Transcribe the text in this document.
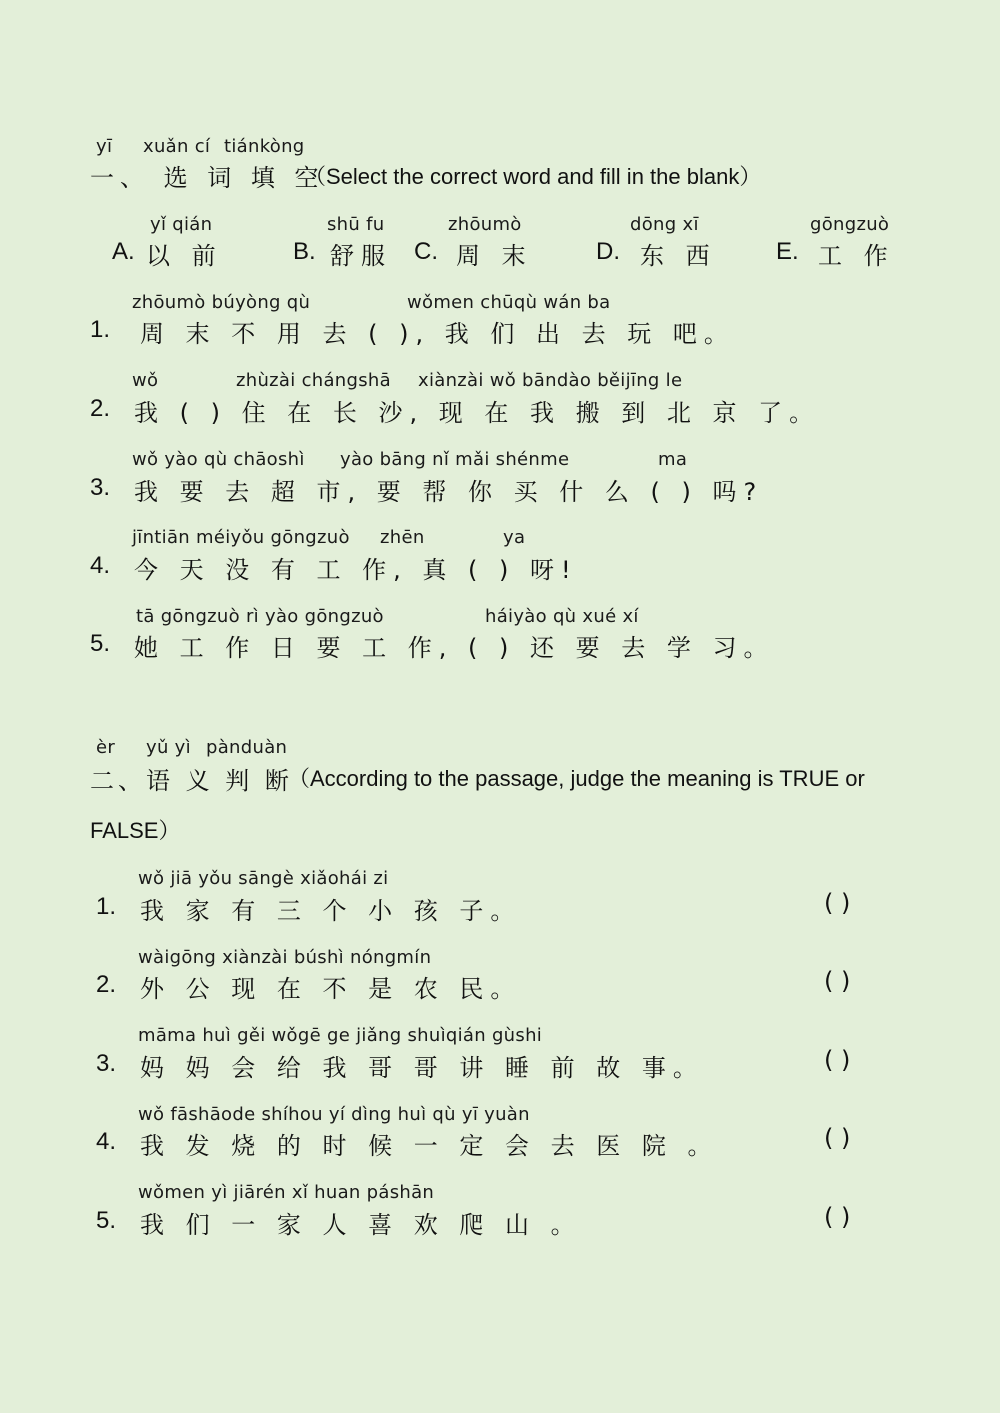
yī xuǎn cí tiánkòng
一、 选 词 填 空
（Select the correct word and fill in the blank）
yǐ qián
A. 以 前
shū fu
B. 舒服
zhōumò
C. 周 末
dōng xī
D. 东 西
gōngzuò
E. 工 作
zhōumò búyòng qù	wǒmen chūqù wán ba
1. 周 末 不 用 去 ( ), 我 们 出 去 玩 吧。
wǒ	zhùzài chángshā xiànzài wǒ bāndào běijīng le
2. 我 ( ) 住 在 长 沙, 现 在 我 搬 到 北 京 了。
wǒ yào qù chāoshì yào bāng nǐ mǎi shénme	ma
3. 我 要 去 超 市, 要 帮 你 买 什 么 ( ) 吗?
jīntiān méiyǒu gōngzuò zhēn	ya
4. 今 天 没 有 工 作, 真 ( ) 呀!
tā gōngzuò rì yào gōngzuò	háiyào qù xué xí
5. 她 工 作 日 要 工 作, ( ) 还 要 去 学 习。
èr yǔ yì pànduàn
二、语 义 判 断
（According to the passage, judge the meaning is TRUE or
FALSE）
wǒ jiā yǒu sāngè xiǎohái zi
1. 我 家 有 三 个 小 孩 子。	( )
wàigōng xiànzài búshì nóngmín
2. 外 公 现 在 不 是 农 民。	( )
māma huì gěi wǒgē ge jiǎng shuìqián gùshi
3. 妈 妈 会 给 我 哥 哥 讲 睡 前 故 事。	( )
wǒ fāshāode shíhou yí dìng huì qù yī yuàn
4. 我 发 烧 的 时 候 一 定 会 去 医 院 。	( )
wǒmen yì jiārén xǐ huan páshān
5. 我 们 一 家 人 喜 欢 爬 山 。	( )
